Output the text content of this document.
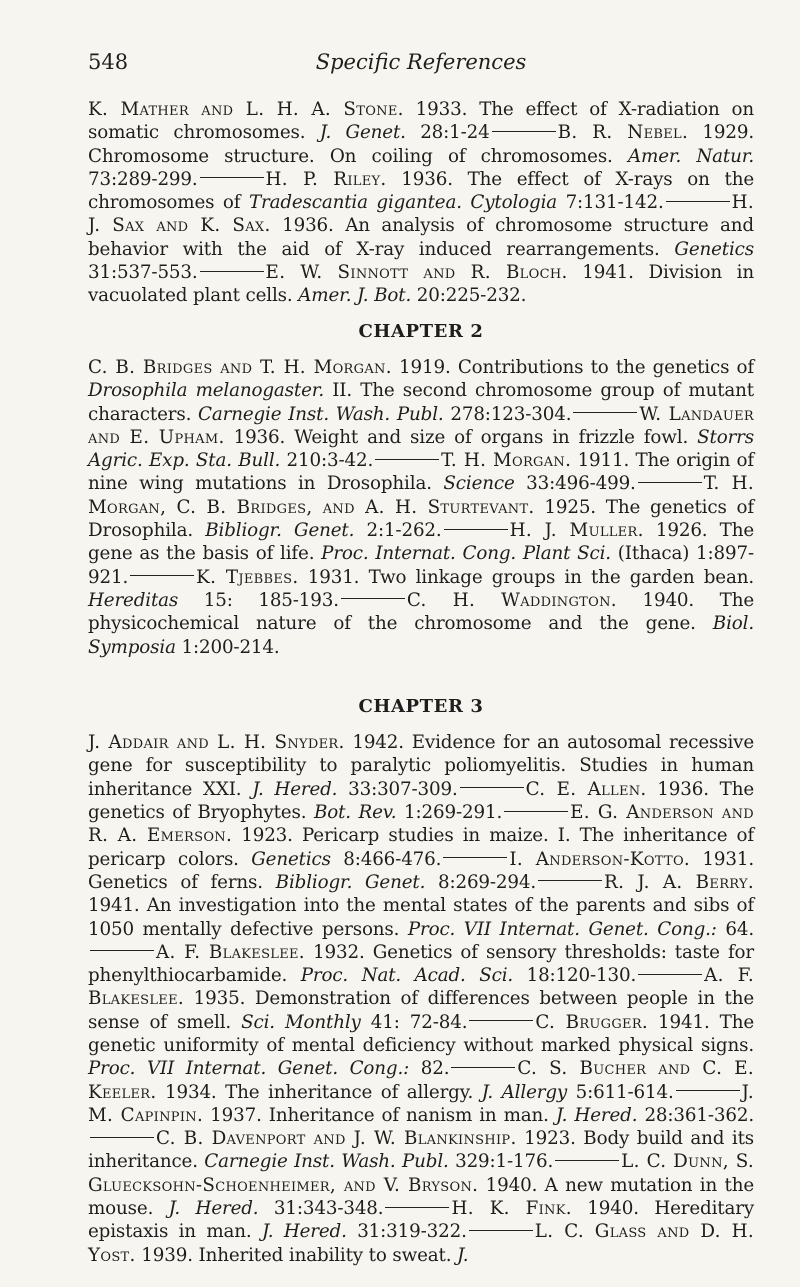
548	Specific References

K. Mather and L. H. A. Stone. 1933. The effect of X-radiation on somatic chromosomes. J. Genet. 28:1-24	B. R. Nebel. 1929. Chromosome structure. On coiling of chromosomes. Amer. Natur. 73:289-299.	H. P. Riley. 1936. The effect of X-rays on the chromosomes of Tradescantia gigantea. Cytologia 7:131-142.	H. J. Sax and K. Sax. 1936. An analysis of chromosome structure and behavior with the aid of X-ray induced rearrangements. Genetics 31:537-553.	E. W. Sinnott and R. Bloch. 1941. Division in vacuolated plant cells. Amer. J. Bot. 20:225-232.

CHAPTER 2

C. B. Bridges and T. H. Morgan. 1919. Contributions to the genetics of Drosophila melanogaster. II. The second chromosome group of mutant characters. Carnegie Inst. Wash. Publ. 278:123-304.	W. Landauer and E. Upham. 1936. Weight and size of organs in frizzle fowl. Storrs Agric. Exp. Sta. Bull. 210:3-42.	T. H. Morgan. 1911. The origin of nine wing mutations in Drosophila. Science 33:496-499.	T. H. Morgan, C. B. Bridges, and A. H. Sturtevant. 1925. The genetics of Drosophila. Bibliogr. Genet. 2:1-262.	H. J. Muller. 1926. The gene as the basis of life. Proc. Internat. Cong. Plant Sci. (Ithaca) 1:897-921.	K. Tjebbes. 1931. Two linkage groups in the garden bean. Hereditas 15: 185-193.	C. H. Waddington. 1940. The physicochemical nature of the chromosome and the gene. Biol. Symposia 1:200-214.

CHAPTER 3

J. Addair and L. H. Snyder. 1942. Evidence for an autosomal recessive gene for susceptibility to paralytic poliomyelitis. Studies in human inheritance XXI. J. Hered. 33:307-309.	C. E. Allen. 1936. The genetics of Bryophytes. Bot. Rev. 1:269-291.	E. G. Anderson and R. A. Emerson. 1923. Pericarp studies in maize. I. The inheritance of pericarp colors. Genetics 8:466-476.	I. Anderson-Kotto. 1931. Genetics of ferns. Bibliogr. Genet. 8:269-294.	R. J. A. Berry. 1941. An investigation into the mental states of the parents and sibs of 1050 mentally defective persons. Proc. VII Internat. Genet. Cong.: 64.A. F. Blakeslee. 1932. Genetics of sensory thresholds: taste for phenylthiocarbamide. Proc. Nat. Acad. Sci. 18:120-130.	A. F. Blakeslee. 1935. Demonstration of differences between people in the sense of smell. Sci. Monthly 41: 72-84.	C. Brugger. 1941. The genetic uniformity of mental deficiency without marked physical signs. Proc. VII Internat. Genet. Cong.: 82.	C. S. Bucher and C. E. Keeler. 1934. The inheritance of allergy. J. Allergy 5:611-614.	J. M. Capinpin. 1937. Inheritance of nanism in man. J. Hered. 28:361-362.C. B. Davenport and J. W. Blankinship. 1923. Body build and its inheritance. Carnegie Inst. Wash. Publ. 329:1-176.	L. C. Dunn, S. Gluecksohn-Schoenheimer, and V. Bryson. 1940. A new mutation in the mouse. J. Hered. 31:343-348.	H. K. Fink. 1940. Hereditary epistaxis in man. J. Hered. 31:319-322.	L. C. Glass and D. H. Yost. 1939. Inherited inability to sweat. J.
